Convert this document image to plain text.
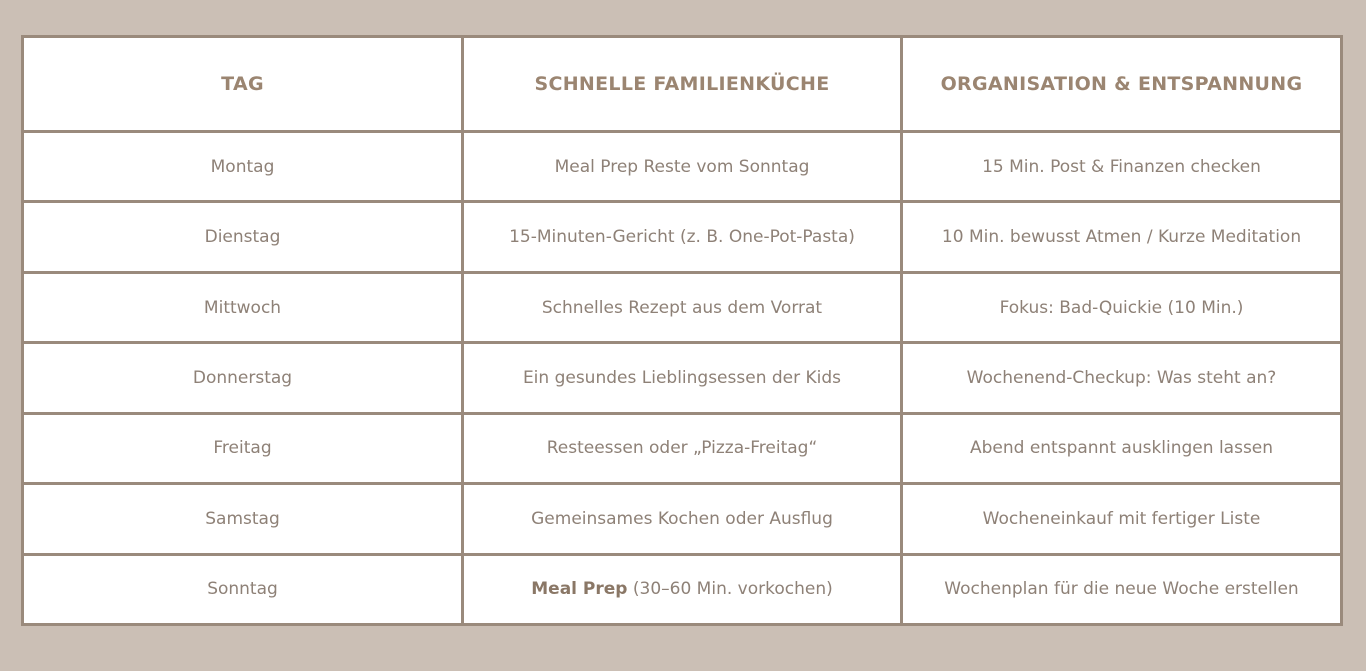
TAG	SCHNELLE FAMILIENKÜCHE	ORGANISATION & ENTSPANNUNG
Montag	Meal Prep Reste vom Sonntag	15 Min. Post & Finanzen checken
Dienstag	15-Minuten-Gericht (z. B. One-Pot-Pasta)	10 Min. bewusst Atmen / Kurze Meditation
Mittwoch	Schnelles Rezept aus dem Vorrat	Fokus: Bad-Quickie (10 Min.)
Donnerstag	Ein gesundes Lieblingsessen der Kids	Wochenend-Checkup: Was steht an?
Freitag	Resteessen oder „Pizza-Freitag“	Abend entspannt ausklingen lassen
Samstag	Gemeinsames Kochen oder Ausflug	Wocheneinkauf mit fertiger Liste
Sonntag	Meal Prep (30–60 Min. vorkochen)	Wochenplan für die neue Woche erstellen
